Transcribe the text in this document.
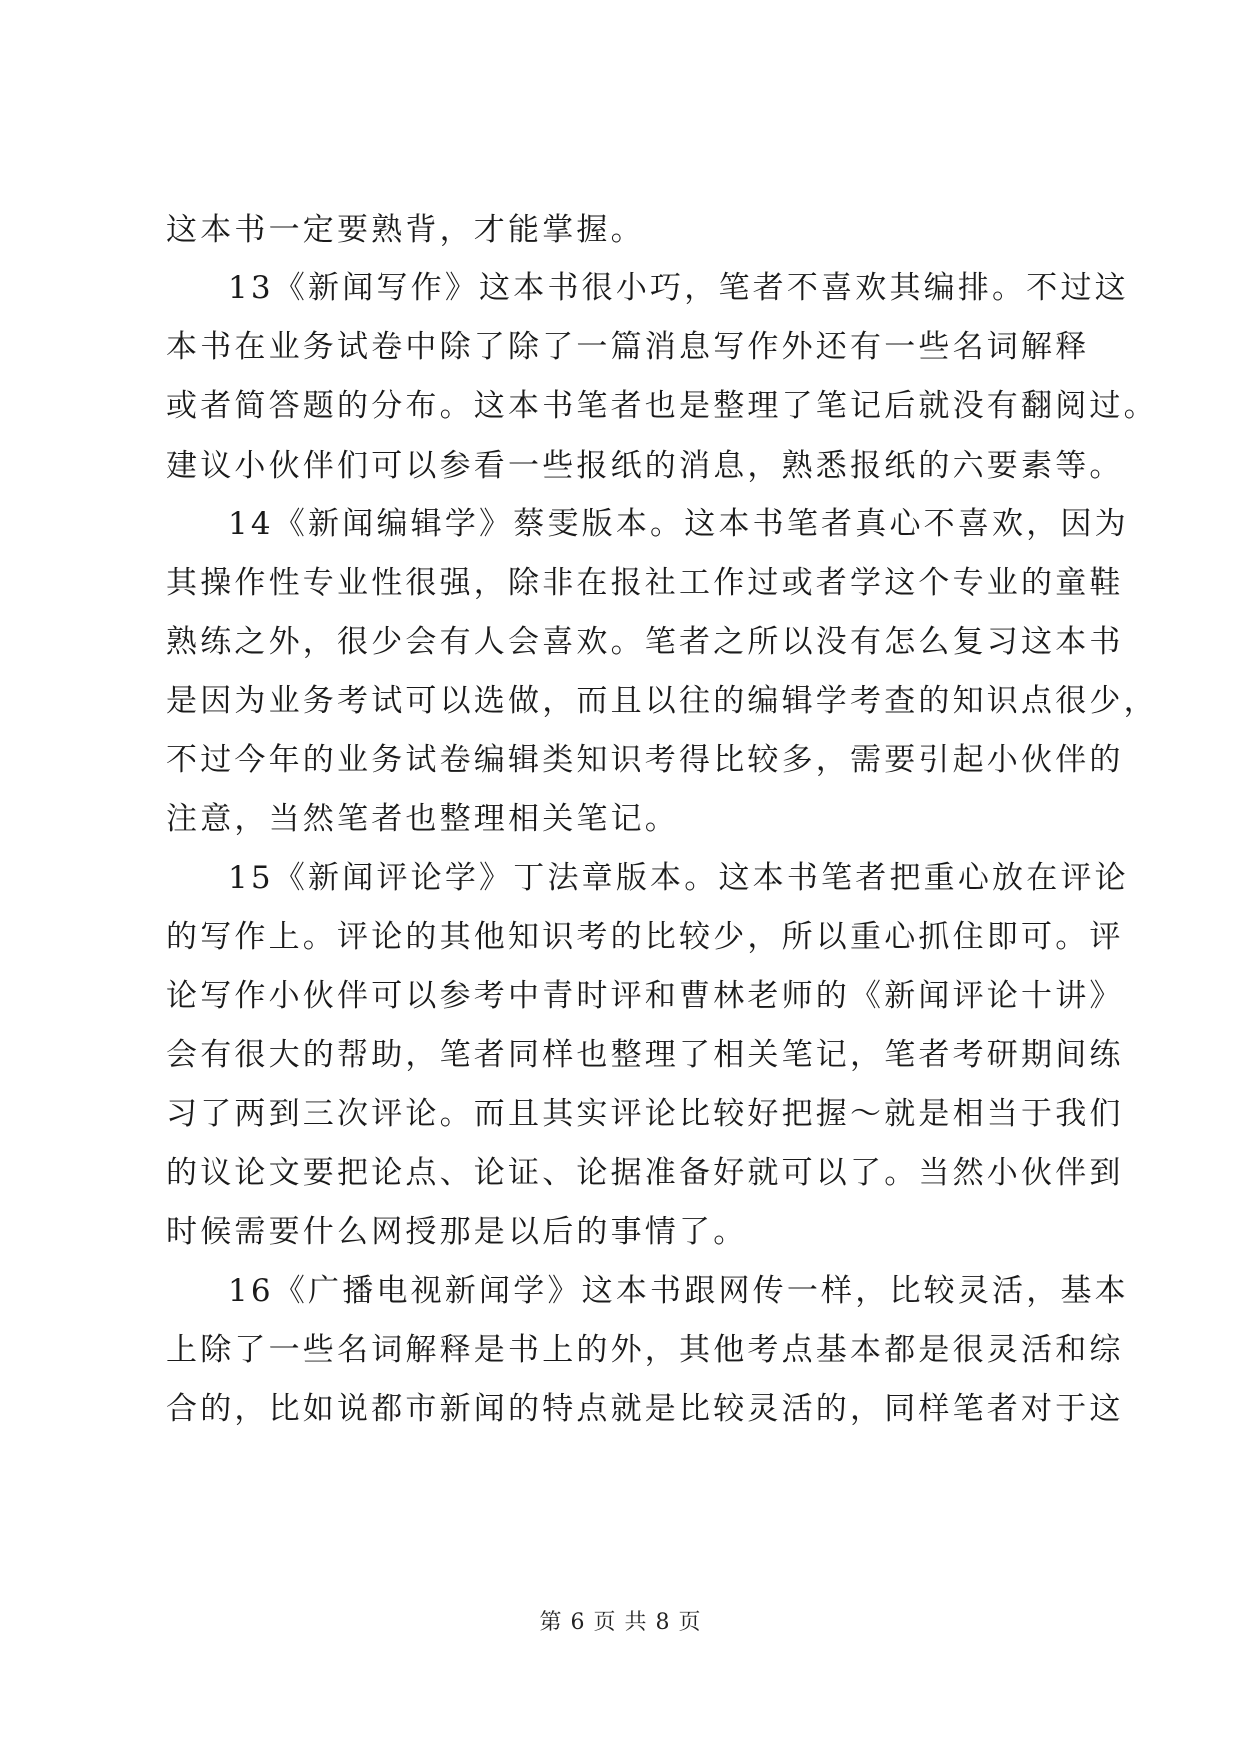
这本书一定要熟背，才能掌握。
13《新闻写作》这本书很小巧，笔者不喜欢其编排。不过这
本书在业务试卷中除了除了一篇消息写作外还有一些名词解释
或者简答题的分布。这本书笔者也是整理了笔记后就没有翻阅过。
建议小伙伴们可以参看一些报纸的消息，熟悉报纸的六要素等。
14《新闻编辑学》蔡雯版本。这本书笔者真心不喜欢，因为
其操作性专业性很强，除非在报社工作过或者学这个专业的童鞋
熟练之外，很少会有人会喜欢。笔者之所以没有怎么复习这本书
是因为业务考试可以选做，而且以往的编辑学考查的知识点很少，
不过今年的业务试卷编辑类知识考得比较多，需要引起小伙伴的
注意，当然笔者也整理相关笔记。
15《新闻评论学》丁法章版本。这本书笔者把重心放在评论
的写作上。评论的其他知识考的比较少，所以重心抓住即可。评
论写作小伙伴可以参考中青时评和曹林老师的《新闻评论十讲》
会有很大的帮助，笔者同样也整理了相关笔记，笔者考研期间练
习了两到三次评论。而且其实评论比较好把握～就是相当于我们
的议论文要把论点、论证、论据准备好就可以了。当然小伙伴到
时候需要什么网授那是以后的事情了。
16《广播电视新闻学》这本书跟网传一样，比较灵活，基本
上除了一些名词解释是书上的外，其他考点基本都是很灵活和综
合的，比如说都市新闻的特点就是比较灵活的，同样笔者对于这
第 6 页 共 8 页
